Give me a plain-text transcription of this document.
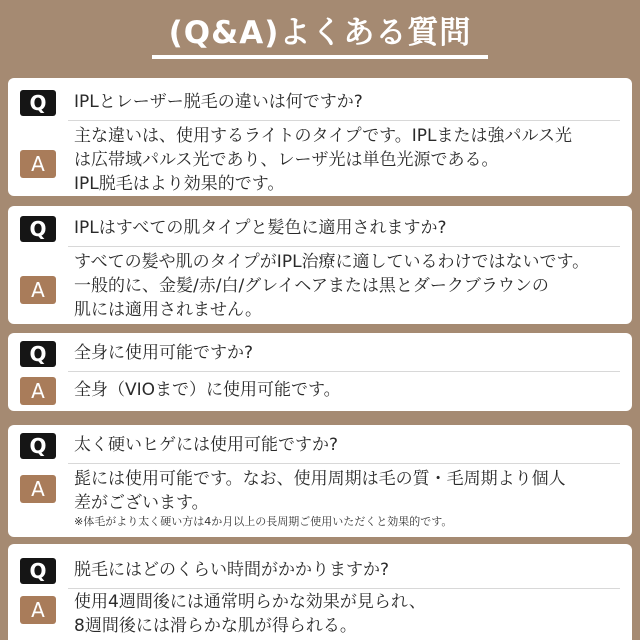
(Q&A)よくある質問
Q	IPLとレーザー脱毛の違いは何ですか?
A
主な違いは、使用するライトのタイプです。IPLまたは強パルス光
は広帯域パルス光であり、レーザ光は単色光源である。
IPL脱毛はより効果的です。
Q	IPLはすべての肌タイプと髪色に適用されますか?
A
すべての髪や肌のタイプがIPL治療に適しているわけではないです。
一般的に、金髪/赤/白/グレイヘアまたは黒とダークブラウンの
肌には適用されません。
Q	全身に使用可能ですか?
A	全身（VIOまで）に使用可能です。
Q	太く硬いヒゲには使用可能ですか?
A	髭には使用可能です。なお、使用周期は毛の質・毛周期より個人
差がございます。
※体毛がより太く硬い方は4か月以上の長周期ご使用いただくと効果的です。
Q	脱毛にはどのくらい時間がかかりますか?
A	使用4週間後には通常明らかな効果が見られ、
8週間後には滑らかな肌が得られる。
